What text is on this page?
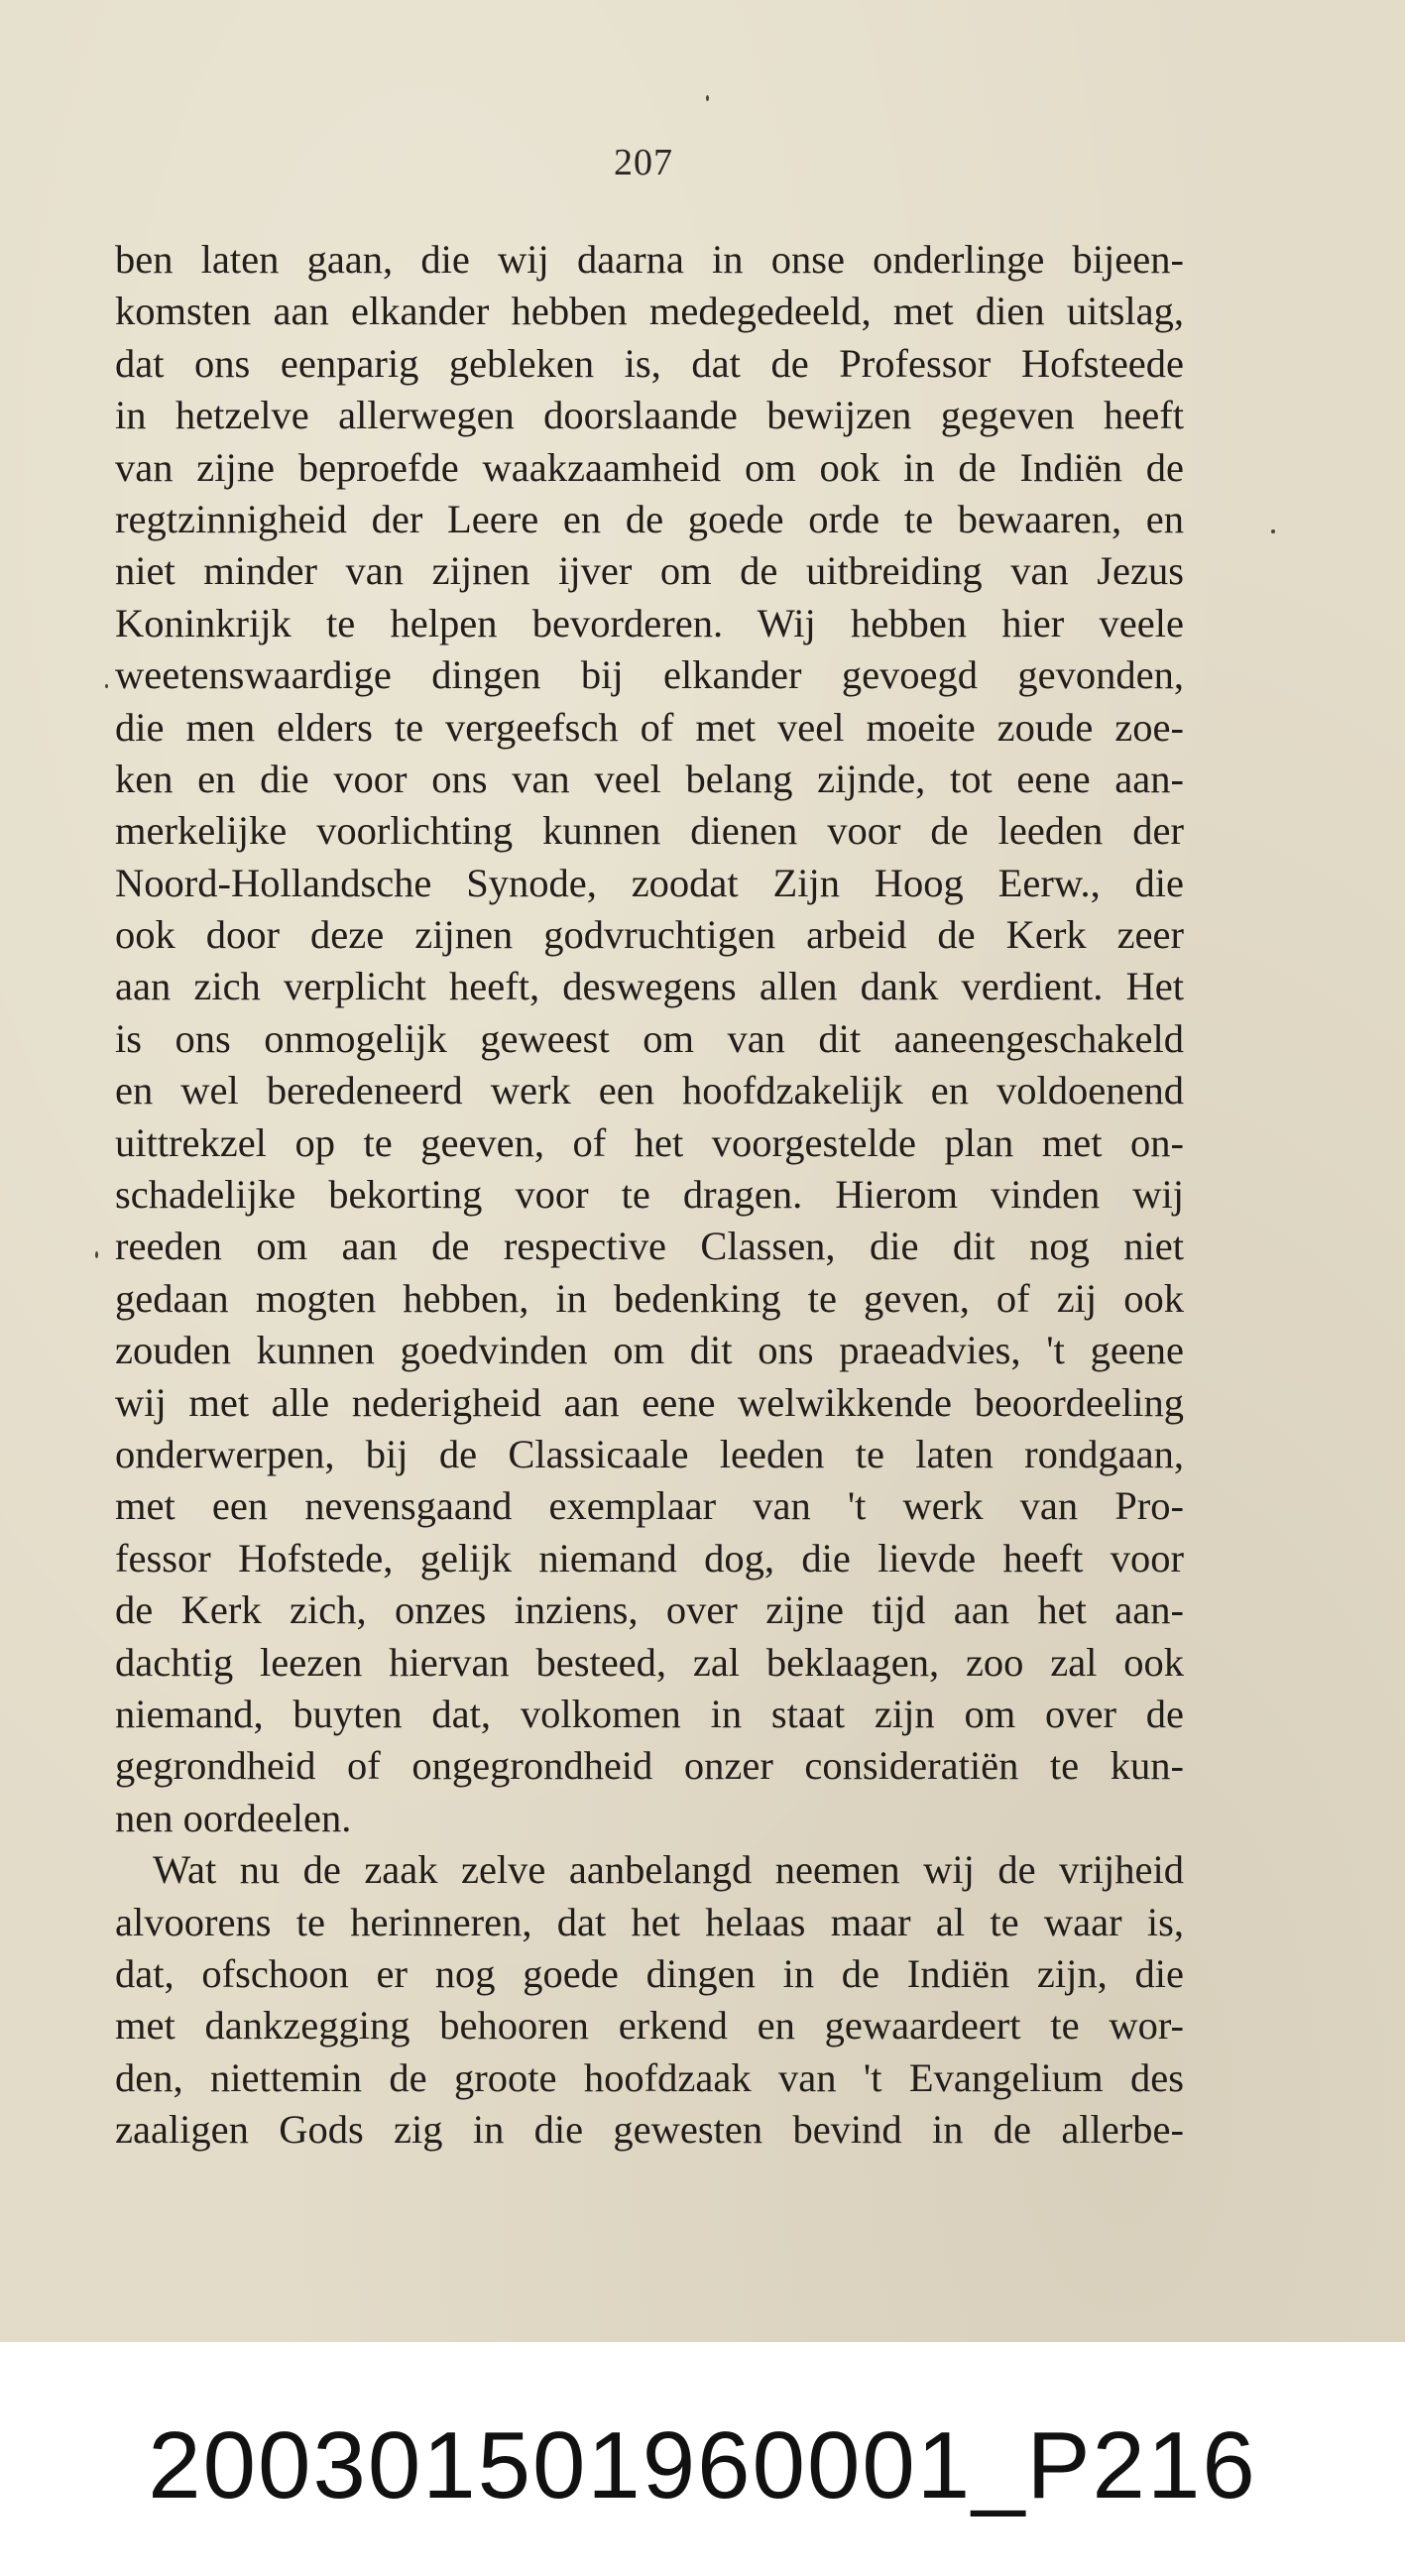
207
ben laten gaan, die wij daarna in onse onderlinge bijeen-
komsten aan elkander hebben medegedeeld, met dien uitslag,
dat ons eenparig gebleken is, dat de Professor Hofsteede
in hetzelve allerwegen doorslaande bewijzen gegeven heeft
van zijne beproefde waakzaamheid om ook in de Indiën de
regtzinnigheid der Leere en de goede orde te bewaaren, en
niet minder van zijnen ijver om de uitbreiding van Jezus
Koninkrijk te helpen bevorderen. Wij hebben hier veele
weetenswaardige dingen bij elkander gevoegd gevonden,
die men elders te vergeefsch of met veel moeite zoude zoe-
ken en die voor ons van veel belang zijnde, tot eene aan-
merkelijke voorlichting kunnen dienen voor de leeden der
Noord-Hollandsche Synode, zoodat Zijn Hoog Eerw., die
ook door deze zijnen godvruchtigen arbeid de Kerk zeer
aan zich verplicht heeft, deswegens allen dank verdient. Het
is ons onmogelijk geweest om van dit aaneengeschakeld
en wel beredeneerd werk een hoofdzakelijk en voldoenend
uittrekzel op te geeven, of het voorgestelde plan met on-
schadelijke bekorting voor te dragen. Hierom vinden wij
reeden om aan de respective Classen, die dit nog niet
gedaan mogten hebben, in bedenking te geven, of zij ook
zouden kunnen goedvinden om dit ons praeadvies, 't geene
wij met alle nederigheid aan eene welwikkende beoordeeling
onderwerpen, bij de Classicaale leeden te laten rondgaan,
met een nevensgaand exemplaar van 't werk van Pro-
fessor Hofstede, gelijk niemand dog, die lievde heeft voor
de Kerk zich, onzes inziens, over zijne tijd aan het aan-
dachtig leezen hiervan besteed, zal beklaagen, zoo zal ook
niemand, buyten dat, volkomen in staat zijn om over de
gegrondheid of ongegrondheid onzer consideratiën te kun-
nen oordeelen.
Wat nu de zaak zelve aanbelangd neemen wij de vrijheid
alvoorens te herinneren, dat het helaas maar al te waar is,
dat, ofschoon er nog goede dingen in de Indiën zijn, die
met dankzegging behooren erkend en gewaardeert te wor-
den, niettemin de groote hoofdzaak van 't Evangelium des
zaaligen Gods zig in die gewesten bevind in de allerbe-
20030150196000​1_P216
